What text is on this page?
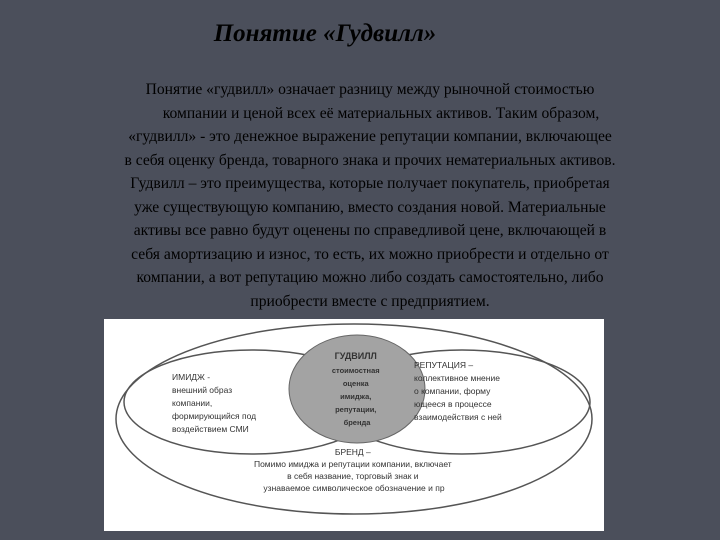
Понятие «Гудвилл»
Понятие «гудвилл» означает разницу между рыночной стоимостью
компании и ценой всех её материальных активов. Таким образом,
«гудвилл» - это денежное выражение репутации компании, включающее
в себя оценку бренда, товарного знака и прочих нематериальных активов.
Гудвилл – это преимущества, которые получает покупатель, приобретая
уже существующую компанию, вместо создания новой. Материальные
активы все равно будут оценены по справедливой цене, включающей в
себя амортизацию и износ, то есть, их можно приобрести и отдельно от
компании, а вот репутацию можно либо создать самостоятельно, либо
приобрести вместе с предприятием.
ГУДВИЛЛ стоимостная оценка имиджа, репутации, бренда
ИМИДЖ - внешний образ компании, формирующийся под воздействием СМИ
РЕПУТАЦИЯ – коллективное мнение о компании, форму ющееся в процессе взаимодействия с ней
БРЕНД – Помимо имиджа и репутации компании, включает в себя название, торговый знак и узнаваемое символическое обозначение и пр
